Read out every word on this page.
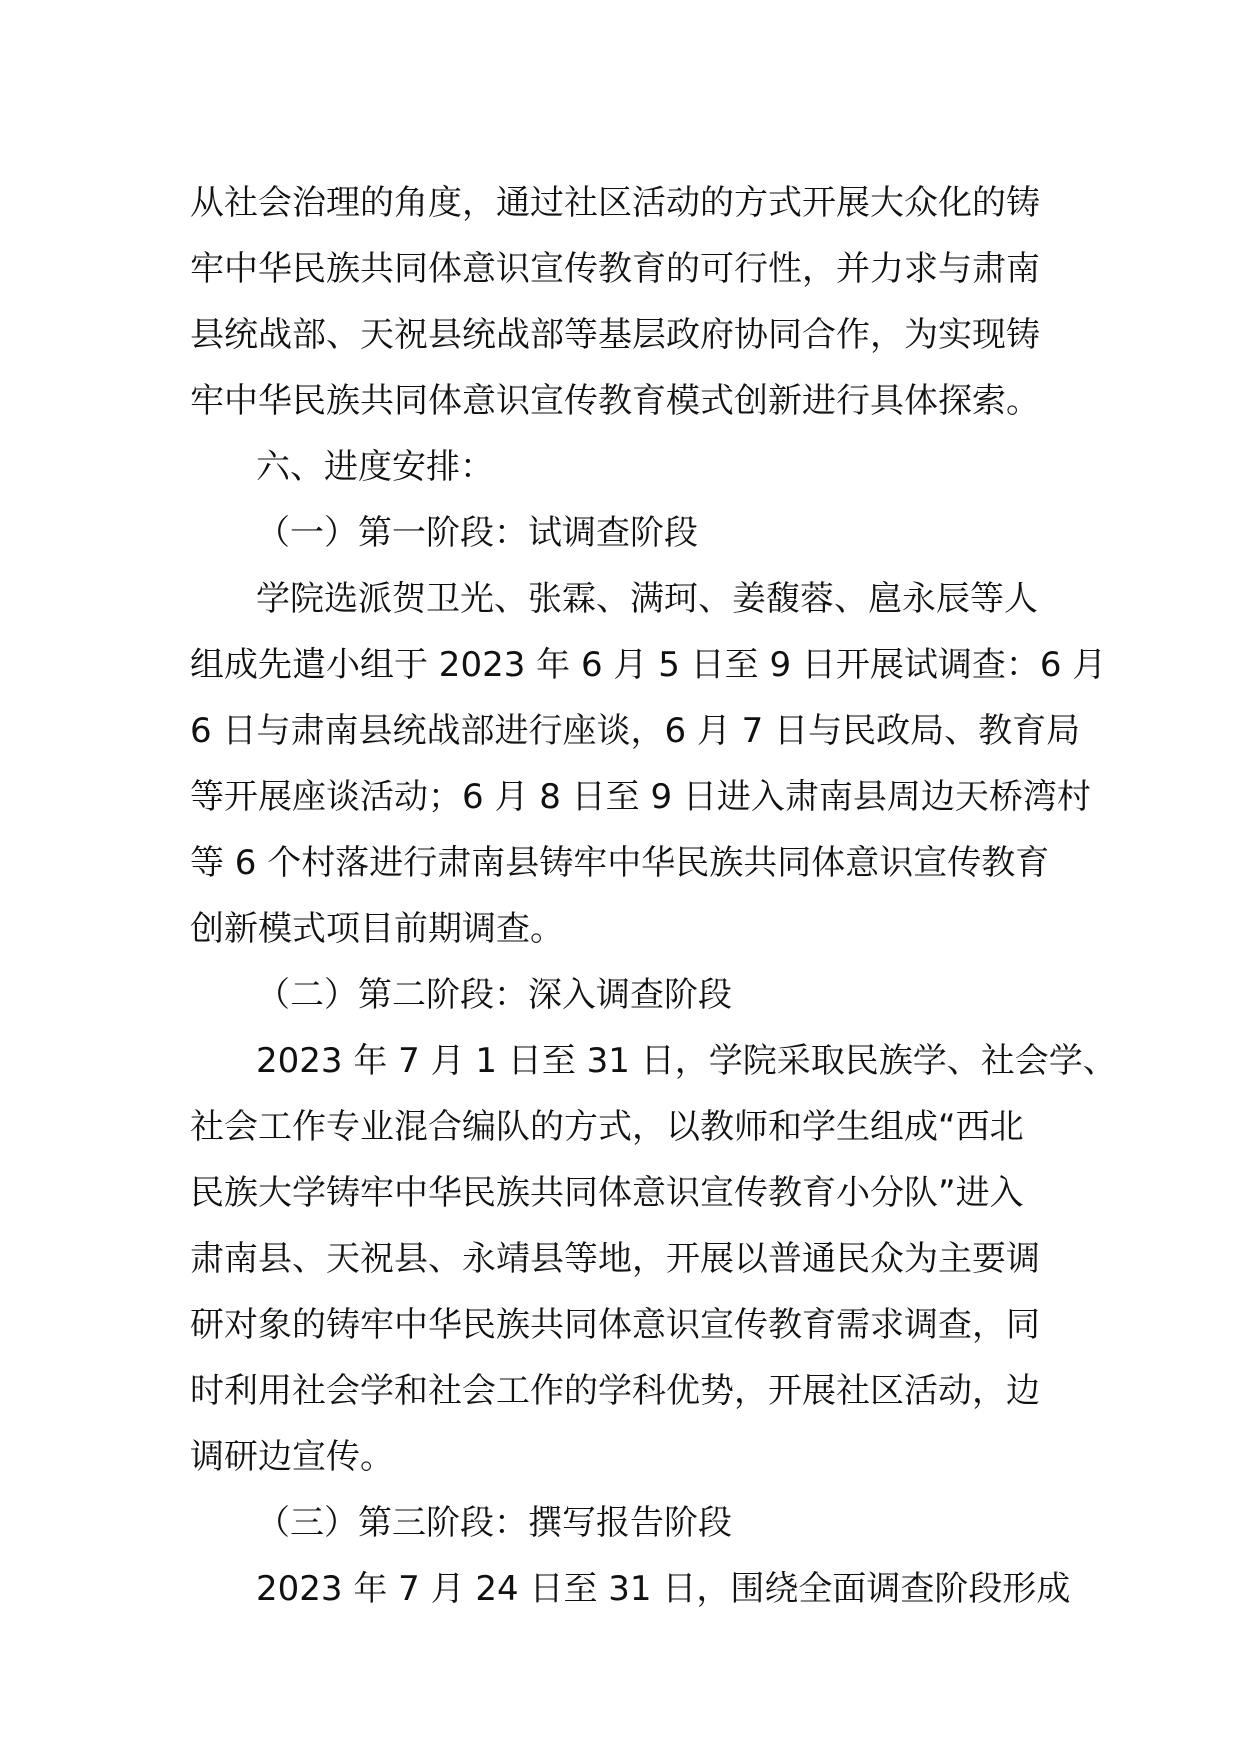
从社会治理的角度，通过社区活动的方式开展大众化的铸
牢中华民族共同体意识宣传教育的可行性，并力求与肃南
县统战部、天祝县统战部等基层政府协同合作，为实现铸
牢中华民族共同体意识宣传教育模式创新进行具体探索。
六、进度安排：
（一）第一阶段：试调查阶段
学院选派贺卫光、张霖、满珂、姜馥蓉、扈永辰等人
组成先遣小组于 2023 年 6 月 5 日至 9 日开展试调查：6 月
6 日与肃南县统战部进行座谈，6 月 7 日与民政局、教育局
等开展座谈活动；6 月 8 日至 9 日进入肃南县周边天桥湾村
等 6 个村落进行肃南县铸牢中华民族共同体意识宣传教育
创新模式项目前期调查。
（二）第二阶段：深入调查阶段
2023 年 7 月 1 日至 31 日，学院采取民族学、社会学、
社会工作专业混合编队的方式，以教师和学生组成“西北
民族大学铸牢中华民族共同体意识宣传教育小分队”进入
肃南县、天祝县、永靖县等地，开展以普通民众为主要调
研对象的铸牢中华民族共同体意识宣传教育需求调查，同
时利用社会学和社会工作的学科优势，开展社区活动，边
调研边宣传。
（三）第三阶段：撰写报告阶段
2023 年 7 月 24 日至 31 日，围绕全面调查阶段形成
